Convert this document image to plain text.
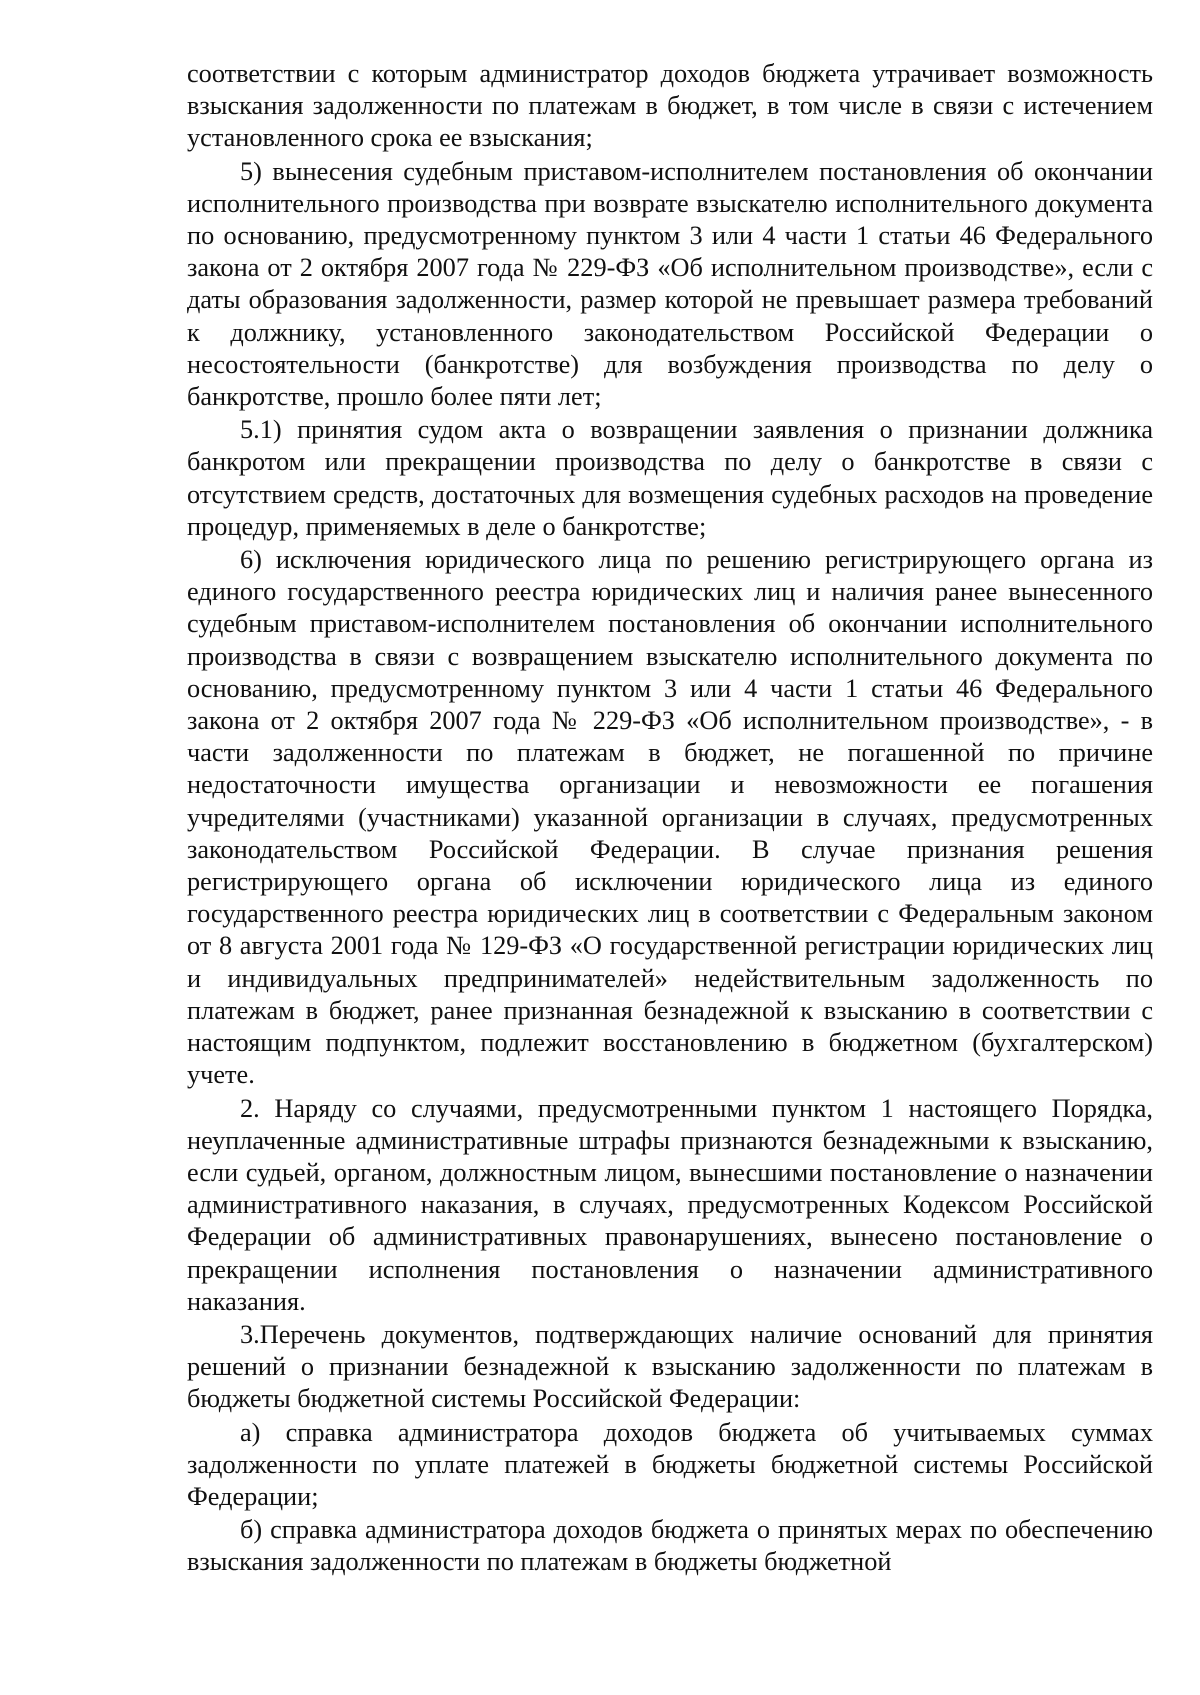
соответствии с которым администратор доходов бюджета утрачивает возможность взыскания задолженности по платежам в бюджет, в том числе в связи с истечением установленного срока ее взыскания;

5) вынесения судебным приставом-исполнителем постановления об окончании исполнительного производства при возврате взыскателю исполнительного документа по основанию, предусмотренному пунктом 3 или 4 части 1 статьи 46 Федерального закона от 2 октября 2007 года № 229-ФЗ «Об исполнительном производстве», если с даты образования задолженности, размер которой не превышает размера требований к должнику, установленного законодательством Российской Федерации о несостоятельности (банкротстве) для возбуждения производства по делу о банкротстве, прошло более пяти лет;

5.1) принятия судом акта о возвращении заявления о признании должника банкротом или прекращении производства по делу о банкротстве в связи с отсутствием средств, достаточных для возмещения судебных расходов на проведение процедур, применяемых в деле о банкротстве;

6) исключения юридического лица по решению регистрирующего органа из единого государственного реестра юридических лиц и наличия ранее вынесенного судебным приставом-исполнителем постановления об окончании исполнительного производства в связи с возвращением взыскателю исполнительного документа по основанию, предусмотренному пунктом 3 или 4 части 1 статьи 46 Федерального закона от 2 октября 2007 года № 229-ФЗ «Об исполнительном производстве», - в части задолженности по платежам в бюджет, не погашенной по причине недостаточности имущества организации и невозможности ее погашения учредителями (участниками) указанной организации в случаях, предусмотренных законодательством Российской Федерации. В случае признания решения регистрирующего органа об исключении юридического лица из единого государственного реестра юридических лиц в соответствии с Федеральным законом от 8 августа 2001 года № 129-ФЗ «О государственной регистрации юридических лиц и индивидуальных предпринимателей» недействительным задолженность по платежам в бюджет, ранее признанная безнадежной к взысканию в соответствии с настоящим подпунктом, подлежит восстановлению в бюджетном (бухгалтерском) учете.

2. Наряду со случаями, предусмотренными пунктом 1 настоящего Порядка, неуплаченные административные штрафы признаются безнадежными к взысканию, если судьей, органом, должностным лицом, вынесшими постановление о назначении административного наказания, в случаях, предусмотренных Кодексом Российской Федерации об административных правонарушениях, вынесено постановление о прекращении исполнения постановления о назначении административного наказания.

3.Перечень документов, подтверждающих наличие оснований для принятия решений о признании безнадежной к взысканию задолженности по платежам в бюджеты бюджетной системы Российской Федерации:

а) справка администратора доходов бюджета об учитываемых суммах задолженности по уплате платежей в бюджеты бюджетной системы Российской Федерации;

б) справка администратора доходов бюджета о принятых мерах по обеспечению взыскания задолженности по платежам в бюджеты бюджетной
